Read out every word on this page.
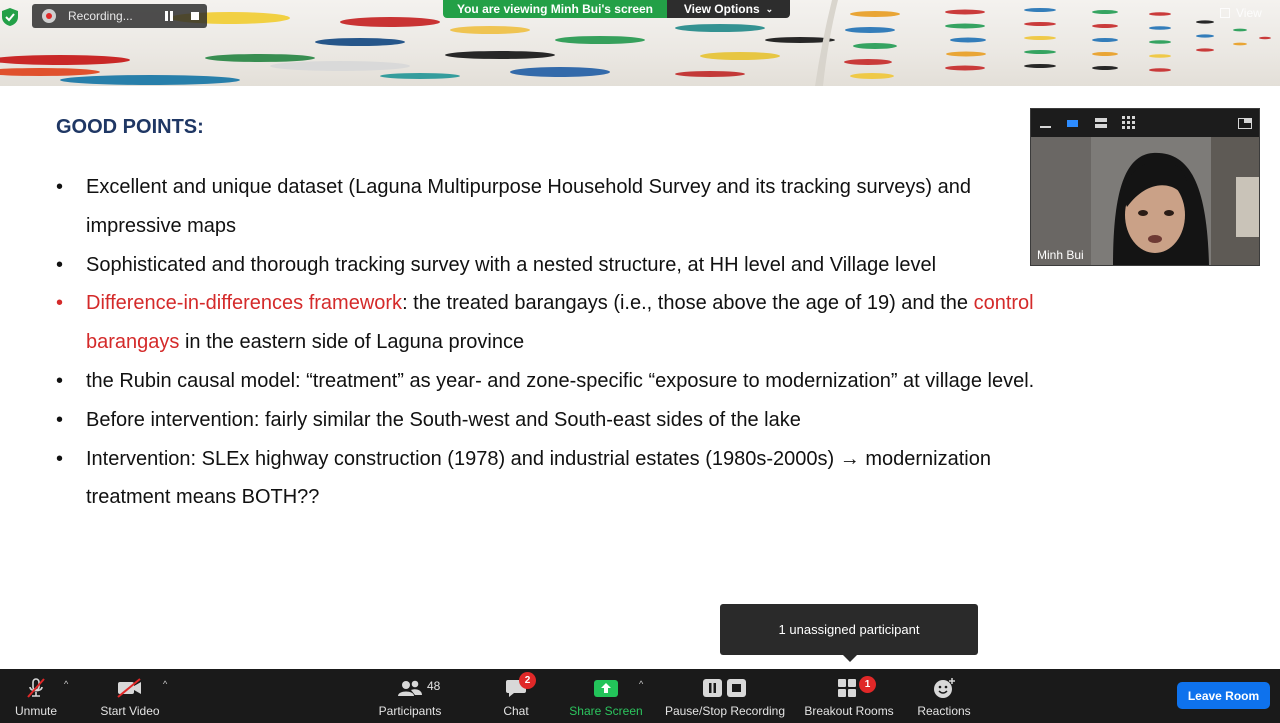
Recording...	You are viewing Minh Bui's screen	View Options ⌄	View
GOOD POINTS:
• Excellent and unique dataset (Laguna Multipurpose Household Survey and its tracking surveys) and
impressive maps
• Sophisticated and thorough tracking survey with a nested structure, at HH level and Village level
• Difference-in-differences framework: the treated barangays (i.e., those above the age of 19) and the control
barangays in the eastern side of Laguna province
• the Rubin causal model: “treatment” as year- and zone-specific “exposure to modernization” at village level.
• Before intervention: fairly similar the South-west and South-east sides of the lake
• Intervention: SLEx highway construction (1978) and industrial estates (1980s-2000s) → modernization
treatment means BOTH??
Minh Bui
1 unassigned participant
Unmute
^
Start Video
^
Participants
48
Chat
2
Share Screen
^
Pause/Stop Recording Breakout Rooms
1
Reactions
Leave Room
